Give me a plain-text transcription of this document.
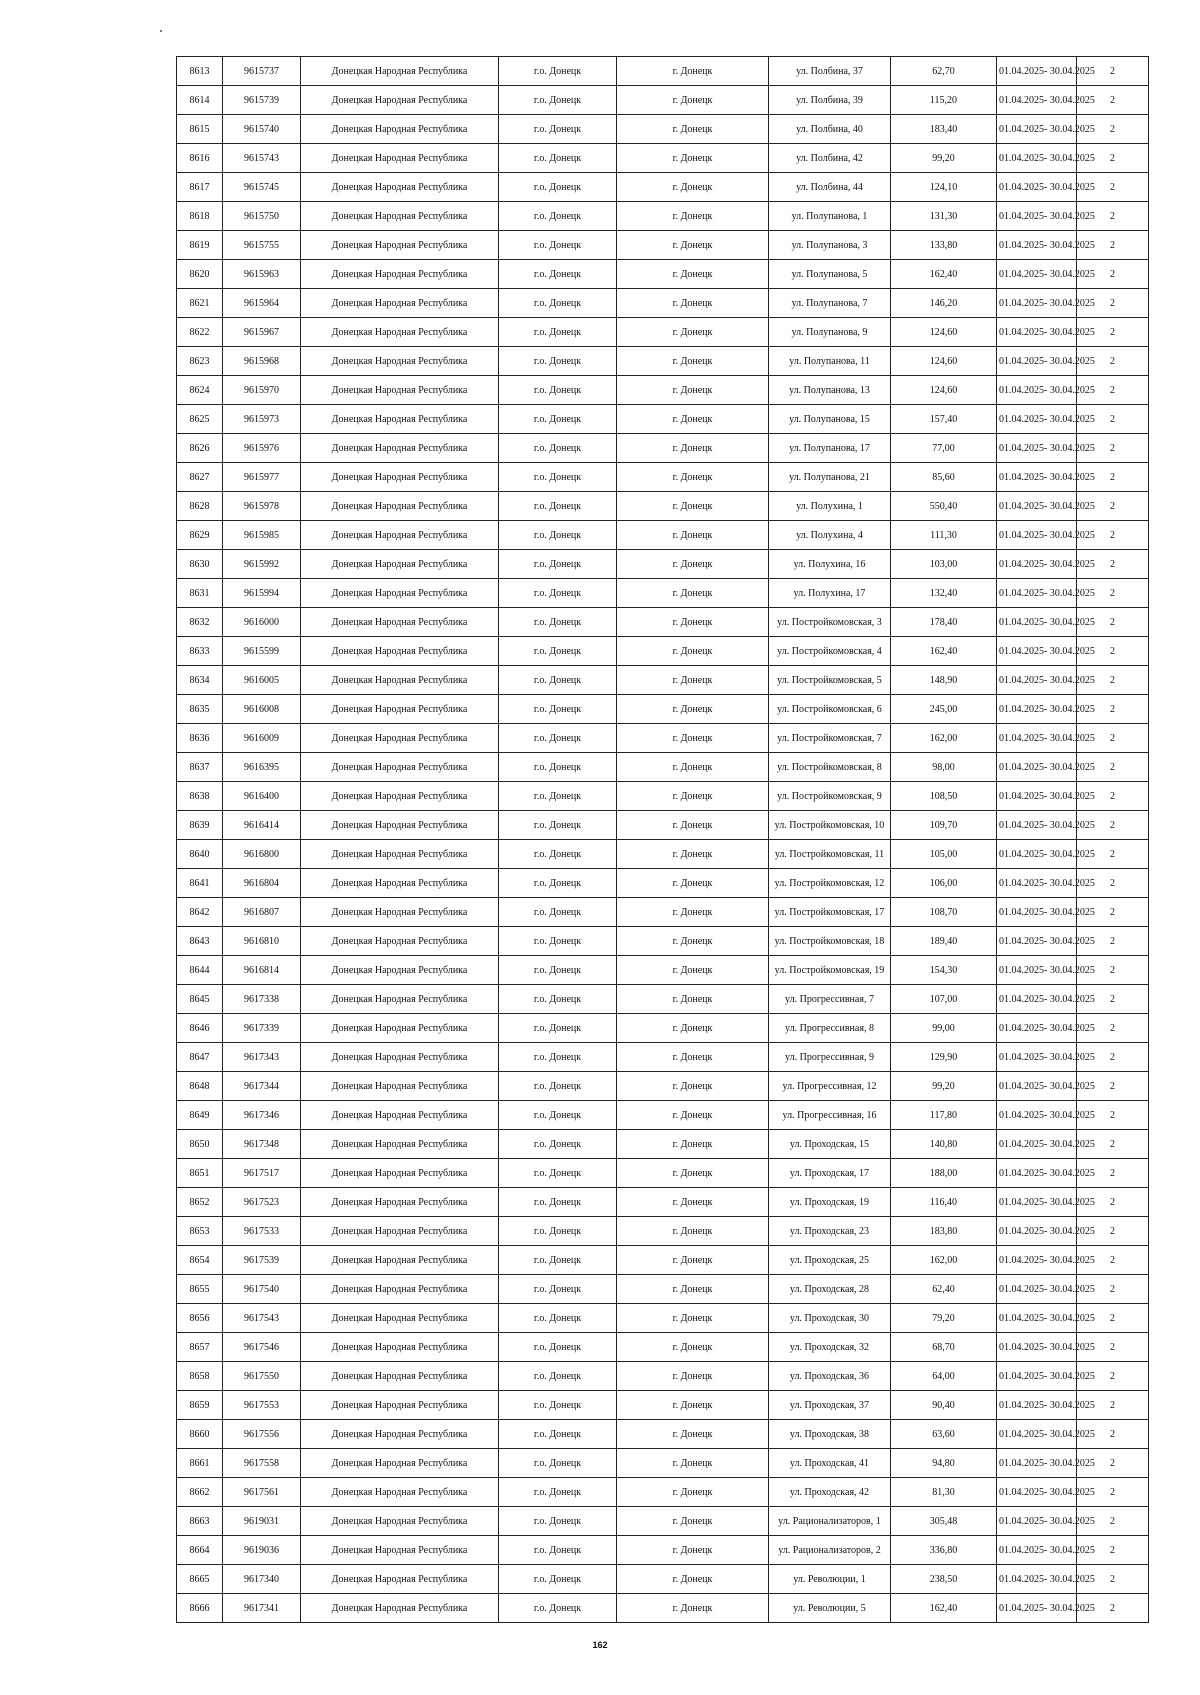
8613	9615737	Донецкая Народная Республика	г.о. Донецк	г. Донецк	ул. Полбина, 37	62,70	01.04.2025- 30.04.2025	2
8614	9615739	Донецкая Народная Республика	г.о. Донецк	г. Донецк	ул. Полбина, 39	115,20	01.04.2025- 30.04.2025	2
8615	9615740	Донецкая Народная Республика	г.о. Донецк	г. Донецк	ул. Полбина, 40	183,40	01.04.2025- 30.04.2025	2
8616	9615743	Донецкая Народная Республика	г.о. Донецк	г. Донецк	ул. Полбина, 42	99,20	01.04.2025- 30.04.2025	2
8617	9615745	Донецкая Народная Республика	г.о. Донецк	г. Донецк	ул. Полбина, 44	124,10	01.04.2025- 30.04.2025	2
8618	9615750	Донецкая Народная Республика	г.о. Донецк	г. Донецк	ул. Полупанова, 1	131,30	01.04.2025- 30.04.2025	2
8619	9615755	Донецкая Народная Республика	г.о. Донецк	г. Донецк	ул. Полупанова, 3	133,80	01.04.2025- 30.04.2025	2
8620	9615963	Донецкая Народная Республика	г.о. Донецк	г. Донецк	ул. Полупанова, 5	162,40	01.04.2025- 30.04.2025	2
8621	9615964	Донецкая Народная Республика	г.о. Донецк	г. Донецк	ул. Полупанова, 7	146,20	01.04.2025- 30.04.2025	2
8622	9615967	Донецкая Народная Республика	г.о. Донецк	г. Донецк	ул. Полупанова, 9	124,60	01.04.2025- 30.04.2025	2
8623	9615968	Донецкая Народная Республика	г.о. Донецк	г. Донецк	ул. Полупанова, 11	124,60	01.04.2025- 30.04.2025	2
8624	9615970	Донецкая Народная Республика	г.о. Донецк	г. Донецк	ул. Полупанова, 13	124,60	01.04.2025- 30.04.2025	2
8625	9615973	Донецкая Народная Республика	г.о. Донецк	г. Донецк	ул. Полупанова, 15	157,40	01.04.2025- 30.04.2025	2
8626	9615976	Донецкая Народная Республика	г.о. Донецк	г. Донецк	ул. Полупанова, 17	77,00	01.04.2025- 30.04.2025	2
8627	9615977	Донецкая Народная Республика	г.о. Донецк	г. Донецк	ул. Полупанова, 21	85,60	01.04.2025- 30.04.2025	2
8628	9615978	Донецкая Народная Республика	г.о. Донецк	г. Донецк	ул. Полухина, 1	550,40	01.04.2025- 30.04.2025	2
8629	9615985	Донецкая Народная Республика	г.о. Донецк	г. Донецк	ул. Полухина, 4	111,30	01.04.2025- 30.04.2025	2
8630	9615992	Донецкая Народная Республика	г.о. Донецк	г. Донецк	ул. Полухина, 16	103,00	01.04.2025- 30.04.2025	2
8631	9615994	Донецкая Народная Республика	г.о. Донецк	г. Донецк	ул. Полухина, 17	132,40	01.04.2025- 30.04.2025	2
8632	9616000	Донецкая Народная Республика	г.о. Донецк	г. Донецк	ул. Постройкомовская, 3	178,40	01.04.2025- 30.04.2025	2
8633	9615599	Донецкая Народная Республика	г.о. Донецк	г. Донецк	ул. Постройкомовская, 4	162,40	01.04.2025- 30.04.2025	2
8634	9616005	Донецкая Народная Республика	г.о. Донецк	г. Донецк	ул. Постройкомовская, 5	148,90	01.04.2025- 30.04.2025	2
8635	9616008	Донецкая Народная Республика	г.о. Донецк	г. Донецк	ул. Постройкомовская, 6	245,00	01.04.2025- 30.04.2025	2
8636	9616009	Донецкая Народная Республика	г.о. Донецк	г. Донецк	ул. Постройкомовская, 7	162,00	01.04.2025- 30.04.2025	2
8637	9616395	Донецкая Народная Республика	г.о. Донецк	г. Донецк	ул. Постройкомовская, 8	98,00	01.04.2025- 30.04.2025	2
8638	9616400	Донецкая Народная Республика	г.о. Донецк	г. Донецк	ул. Постройкомовская, 9	108,50	01.04.2025- 30.04.2025	2
8639	9616414	Донецкая Народная Республика	г.о. Донецк	г. Донецк	ул. Постройкомовская, 10	109,70	01.04.2025- 30.04.2025	2
8640	9616800	Донецкая Народная Республика	г.о. Донецк	г. Донецк	ул. Постройкомовская, 11	105,00	01.04.2025- 30.04.2025	2
8641	9616804	Донецкая Народная Республика	г.о. Донецк	г. Донецк	ул. Постройкомовская, 12	106,00	01.04.2025- 30.04.2025	2
8642	9616807	Донецкая Народная Республика	г.о. Донецк	г. Донецк	ул. Постройкомовская, 17	108,70	01.04.2025- 30.04.2025	2
8643	9616810	Донецкая Народная Республика	г.о. Донецк	г. Донецк	ул. Постройкомовская, 18	189,40	01.04.2025- 30.04.2025	2
8644	9616814	Донецкая Народная Республика	г.о. Донецк	г. Донецк	ул. Постройкомовская, 19	154,30	01.04.2025- 30.04.2025	2
8645	9617338	Донецкая Народная Республика	г.о. Донецк	г. Донецк	ул. Прогрессивная, 7	107,00	01.04.2025- 30.04.2025	2
8646	9617339	Донецкая Народная Республика	г.о. Донецк	г. Донецк	ул. Прогрессивная, 8	99,00	01.04.2025- 30.04.2025	2
8647	9617343	Донецкая Народная Республика	г.о. Донецк	г. Донецк	ул. Прогрессивная, 9	129,90	01.04.2025- 30.04.2025	2
8648	9617344	Донецкая Народная Республика	г.о. Донецк	г. Донецк	ул. Прогрессивная, 12	99,20	01.04.2025- 30.04.2025	2
8649	9617346	Донецкая Народная Республика	г.о. Донецк	г. Донецк	ул. Прогрессивная, 16	117,80	01.04.2025- 30.04.2025	2
8650	9617348	Донецкая Народная Республика	г.о. Донецк	г. Донецк	ул. Проходская, 15	140,80	01.04.2025- 30.04.2025	2
8651	9617517	Донецкая Народная Республика	г.о. Донецк	г. Донецк	ул. Проходская, 17	188,00	01.04.2025- 30.04.2025	2
8652	9617523	Донецкая Народная Республика	г.о. Донецк	г. Донецк	ул. Проходская, 19	116,40	01.04.2025- 30.04.2025	2
8653	9617533	Донецкая Народная Республика	г.о. Донецк	г. Донецк	ул. Проходская, 23	183,80	01.04.2025- 30.04.2025	2
8654	9617539	Донецкая Народная Республика	г.о. Донецк	г. Донецк	ул. Проходская, 25	162,00	01.04.2025- 30.04.2025	2
8655	9617540	Донецкая Народная Республика	г.о. Донецк	г. Донецк	ул. Проходская, 28	62,40	01.04.2025- 30.04.2025	2
8656	9617543	Донецкая Народная Республика	г.о. Донецк	г. Донецк	ул. Проходская, 30	79,20	01.04.2025- 30.04.2025	2
8657	9617546	Донецкая Народная Республика	г.о. Донецк	г. Донецк	ул. Проходская, 32	68,70	01.04.2025- 30.04.2025	2
8658	9617550	Донецкая Народная Республика	г.о. Донецк	г. Донецк	ул. Проходская, 36	64,00	01.04.2025- 30.04.2025	2
8659	9617553	Донецкая Народная Республика	г.о. Донецк	г. Донецк	ул. Проходская, 37	90,40	01.04.2025- 30.04.2025	2
8660	9617556	Донецкая Народная Республика	г.о. Донецк	г. Донецк	ул. Проходская, 38	63,60	01.04.2025- 30.04.2025	2
8661	9617558	Донецкая Народная Республика	г.о. Донецк	г. Донецк	ул. Проходская, 41	94,80	01.04.2025- 30.04.2025	2
8662	9617561	Донецкая Народная Республика	г.о. Донецк	г. Донецк	ул. Проходская, 42	81,30	01.04.2025- 30.04.2025	2
8663	9619031	Донецкая Народная Республика	г.о. Донецк	г. Донецк	ул. Рационализаторов, 1	305,48	01.04.2025- 30.04.2025	2
8664	9619036	Донецкая Народная Республика	г.о. Донецк	г. Донецк	ул. Рационализаторов, 2	336,80	01.04.2025- 30.04.2025	2
8665	9617340	Донецкая Народная Республика	г.о. Донецк	г. Донецк	ул. Революции, 1	238,50	01.04.2025- 30.04.2025	2
8666	9617341	Донецкая Народная Республика	г.о. Донецк	г. Донецк	ул. Революции, 5	162,40	01.04.2025- 30.04.2025	2
162
